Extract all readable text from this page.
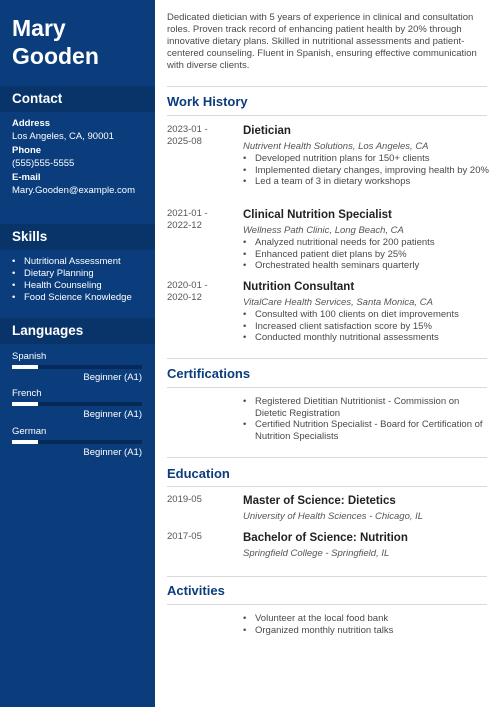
Mary
Gooden
Contact
Address
Los Angeles, CA, 90001
Phone
(555)555-5555
E-mail
Mary.Gooden@example.com
Skills
• Nutritional Assessment
• Dietary Planning
• Health Counseling
• Food Science Knowledge
Languages
Spanish
Beginner (A1)
French
Beginner (A1)
German
Beginner (A1)
Dedicated dietician with 5 years of experience in clinical and consultation roles. Proven track record of enhancing patient health by 20% through innovative dietary plans. Skilled in nutritional assessments and patient-centered counseling. Fluent in Spanish, ensuring effective communication with diverse clients.
Work History
2023-01 - 2025-08
Dietician
Nutrivent Health Solutions, Los Angeles, CA
• Developed nutrition plans for 150+ clients
• Implemented dietary changes, improving health by 20%
• Led a team of 3 in dietary workshops
2021-01 - 2022-12
Clinical Nutrition Specialist
Wellness Path Clinic, Long Beach, CA
• Analyzed nutritional needs for 200 patients
• Enhanced patient diet plans by 25%
• Orchestrated health seminars quarterly
2020-01 - 2020-12
Nutrition Consultant
VitalCare Health Services, Santa Monica, CA
• Consulted with 100 clients on diet improvements
• Increased client satisfaction score by 15%
• Conducted monthly nutritional assessments
Certifications
• Registered Dietitian Nutritionist - Commission on Dietetic Registration
• Certified Nutrition Specialist - Board for Certification of Nutrition Specialists
Education
2019-05	Master of Science: Dietetics
University of Health Sciences - Chicago, IL
2017-05	Bachelor of Science: Nutrition
Springfield College - Springfield, IL
Activities
• Volunteer at the local food bank
• Organized monthly nutrition talks
